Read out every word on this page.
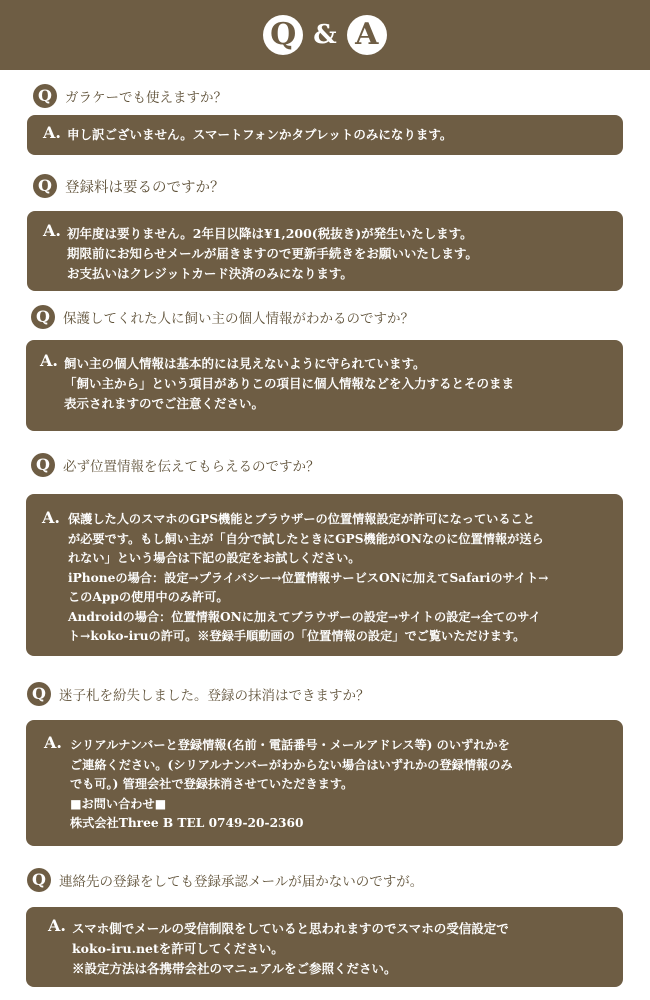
Q & A
Q ガラケーでも使えますか？
A. 申し訳ございません。スマートフォンかタブレットのみになります。
Q 登録料は要るのですか？
A. 初年度は要りません。2年目以降は¥1,200(税抜き)が発生いたします。
期限前にお知らせメールが届きますので更新手続きをお願いいたします。
お支払いはクレジットカード決済のみになります。
Q 保護してくれた人に飼い主の個人情報がわかるのですか？
A. 飼い主の個人情報は基本的には見えないように守られています。
「飼い主から」という項目がありこの項目に個人情報などを入力するとそのまま
表示されますのでご注意ください。
Q 必ず位置情報を伝えてもらえるのですか？
A. 保護した人のスマホのGPS機能とブラウザーの位置情報設定が許可になっていること
が必要です。もし飼い主が「自分で試したときにGPS機能がONなのに位置情報が送ら
れない」という場合は下記の設定をお試しください。
iPhoneの場合：設定→プライバシー→位置情報サービスONに加えてSafariのサイト→
このAppの使用中のみ許可。
Androidの場合：位置情報ONに加えてブラウザーの設定→サイトの設定→全てのサイ
ト→koko-iruの許可。※登録手順動画の「位置情報の設定」でご覧いただけます。
Q 迷子札を紛失しました。登録の抹消はできますか？
A. シリアルナンバーと登録情報(名前・電話番号・メールアドレス等) のいずれかを
ご連絡ください。(シリアルナンバーがわからない場合はいずれかの登録情報のみ
でも可。) 管理会社で登録抹消させていただきます。
■お問い合わせ■
株式会社Three B TEL 0749-20-2360
Q 連絡先の登録をしても登録承認メールが届かないのですが。
A. スマホ側でメールの受信制限をしていると思われますのでスマホの受信設定で
koko-iru.netを許可してください。
※設定方法は各携帯会社のマニュアルをご参照ください。
